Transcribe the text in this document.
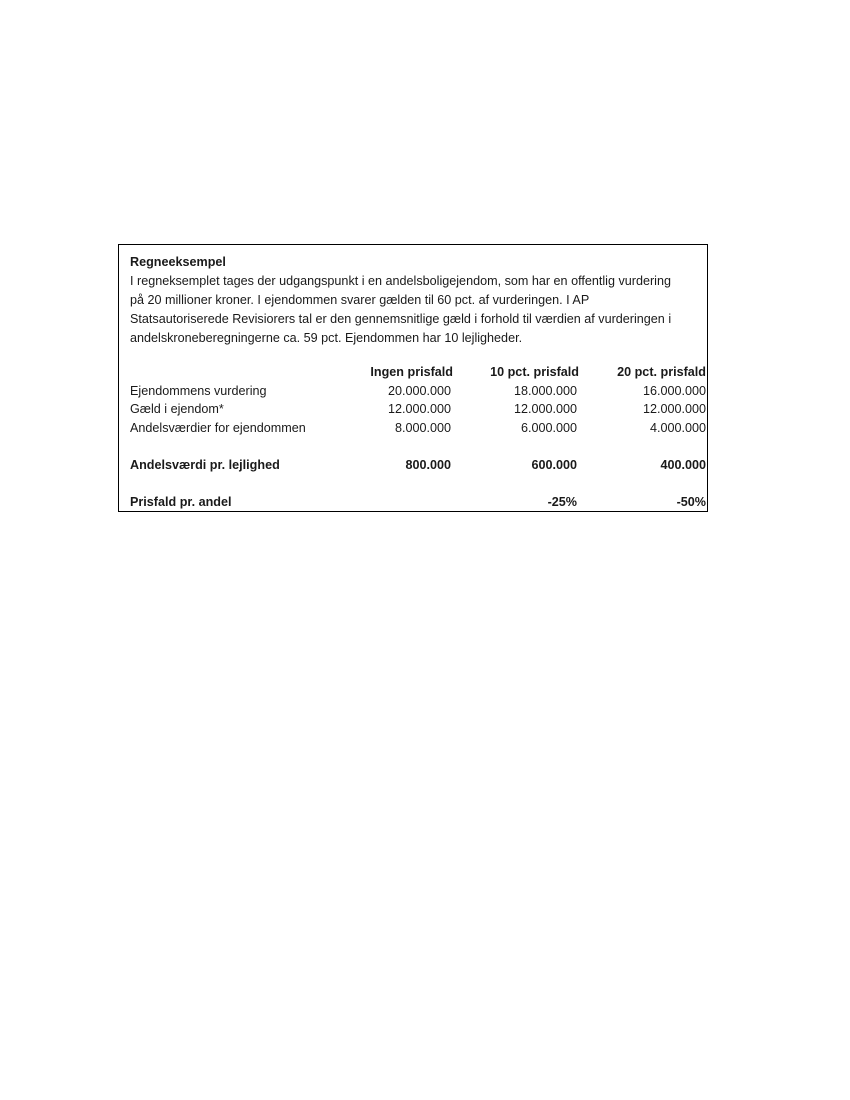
Regneeksempel

I regneksemplet tages der udgangspunkt i en andelsboligejendom, som har en offentlig vurdering
på 20 millioner kroner. I ejendommen svarer gælden til 60 pct. af vurderingen. I AP
Statsautoriserede Revisiorers tal er den gennemsnitlige gæld i forhold til værdien af vurderingen i
andelskroneberegningerne ca. 59 pct. Ejendommen har 10 lejligheder.

	Ingen prisfald	10 pct. prisfald	20 pct. prisfald
Ejendommens vurdering	20.000.000	18.000.000	16.000.000
Gæld i ejendom*	12.000.000	12.000.000	12.000.000
Andelsværdier for ejendommen	8.000.000	6.000.000	4.000.000

Andelsværdi pr. lejlighed	800.000	600.000	400.000

Prisfald pr. andel		-25%	-50%
